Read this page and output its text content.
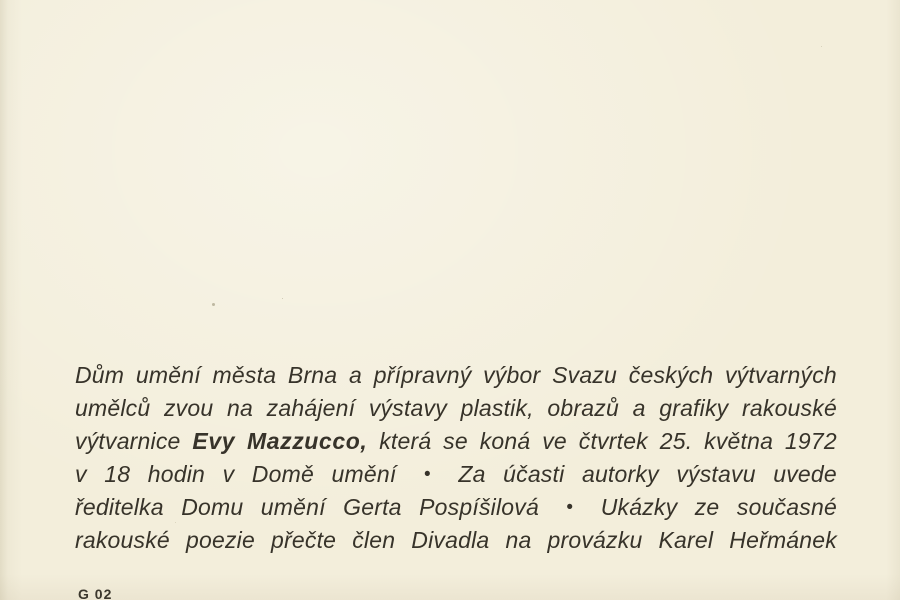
Dům umění města Brna a přípravný výbor Svazu českých výtvarných
umělců zvou na zahájení výstavy plastik, obrazů a grafiky rakouské
výtvarnice Evy Mazzucco, která se koná ve čtvrtek 25. května 1972
v 18 hodin v Domě umění	•	Za účasti autorky výstavu uvede
ředitelka Domu umění Gerta Pospíšilová	•	Ukázky ze současné
rakouské poezie přečte člen Divadla na provázku Karel Heřmánek
G 02
